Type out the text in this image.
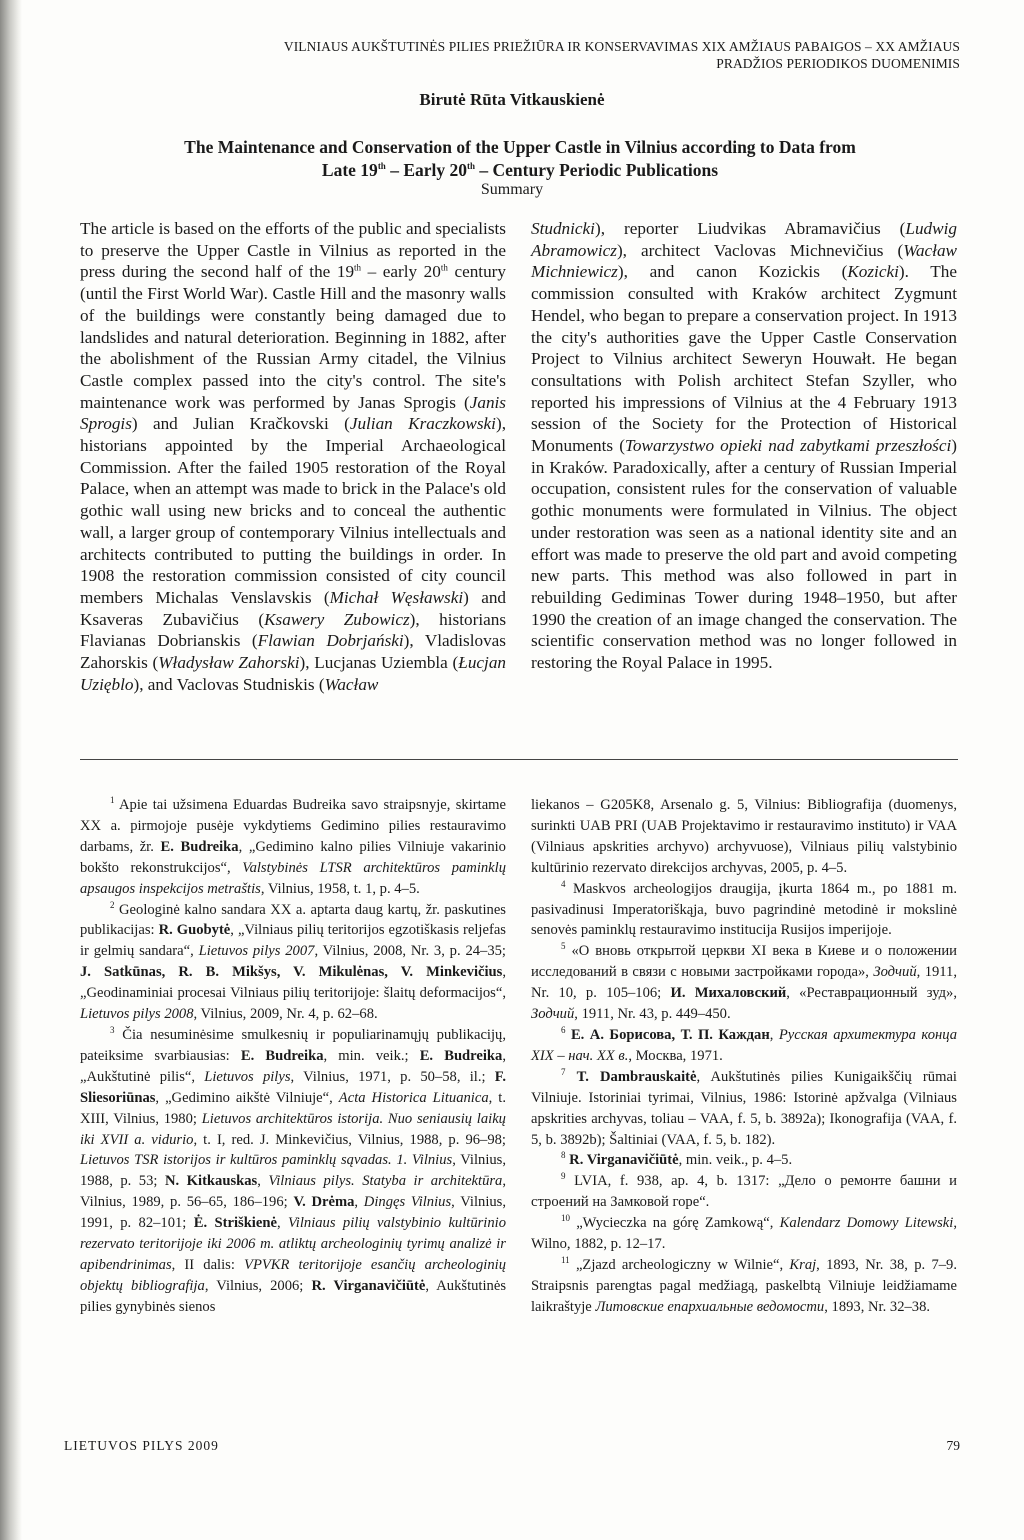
VILNIAUS AUKŠTUTINĖS PILIES PRIEŽIŪRA IR KONSERVAVIMAS XIX AMŽIAUS PABAIGOS – XX AMŽIAUS
PRADŽIOS PERIODIKOS DUOMENIMIS
Birutė Rūta Vitkauskienė
The Maintenance and Conservation of the Upper Castle in Vilnius according to Data from
Late 19th – Early 20th – Century Periodic Publications
Summary

The article is based on the efforts of the public and specialists to preserve the Upper Castle in Vilnius as reported in the press during the second half of the 19th – early 20th century (until the First World War). Castle Hill and the masonry walls of the buildings were constantly being damaged due to landslides and natural deterioration. Beginning in 1882, after the abolishment of the Russian Army citadel, the Vilnius Castle complex passed into the city's control. The site's maintenance work was performed by Janas Sprogis (Janis Sprogis) and Julian Kračkovski (Julian Kraczkowski), historians appointed by the Imperial Archaeological Commission. After the failed 1905 restoration of the Royal Palace, when an attempt was made to brick in the Palace's old gothic wall using new bricks and to conceal the authentic wall, a larger group of contemporary Vilnius intellectuals and architects contributed to putting the buildings in order. In 1908 the restoration commission consisted of city council members Michalas Venslavskis (Michał Węsławski) and Ksaveras Zubavičius (Ksawery Zubowicz), historians Flavianas Dobrianskis (Flawian Dobrjański), Vladislovas Zahorskis (Władysław Zahorski), Lucjanas Uziembla (Łucjan Uzięblo), and Vaclovas Studniskis (Wacław

Studnicki), reporter Liudvikas Abramavičius (Ludwig Abramowicz), architect Vaclovas Michnevičius (Wacław Michniewicz), and canon Kozickis (Kozicki). The commission consulted with Kraków architect Zygmunt Hendel, who began to prepare a conservation project. In 1913 the city's authorities gave the Upper Castle Conservation Project to Vilnius architect Seweryn Houwałt. He began consultations with Polish architect Stefan Szyller, who reported his impressions of Vilnius at the 4 February 1913 session of the Society for the Protection of Historical Monuments (Towarzystwo opieki nad zabytkami przeszłości) in Kraków. Paradoxically, after a century of Russian Imperial occupation, consistent rules for the conservation of valuable gothic monuments were formulated in Vilnius. The object under restoration was seen as a national identity site and an effort was made to preserve the old part and avoid competing new parts. This method was also followed in part in rebuilding Gediminas Tower during 1948–1950, but after 1990 the creation of an image changed the conservation. The scientific conservation method was no longer followed in restoring the Royal Palace in 1995.

$^1$ Apie tai užsimena Eduardas Budreika savo straipsnyje, skirtame XX a. pirmojoje pusėje vykdytiems Gedimino pilies restauravimo darbams, žr. E. Budreika, „Gedimino kalno pilies Vilniuje vakarinio bokšto rekonstrukcijos“, Valstybinės LTSR architektūros paminklų apsaugos inspekcijos metraštis, Vilnius, 1958, t. 1, p. 4–5.

$^2$ Geologinė kalno sandara XX a. aptarta daug kartų, žr. paskutines publikacijas: R. Guobytė, „Vilniaus pilių teritorijos egzotiškasis reljefas ir gelmių sandara“, Lietuvos pilys 2007, Vilnius, 2008, Nr. 3, p. 24–35; J. Satkūnas, R. B. Mikšys, V. Mikulėnas, V. Minkevičius, „Geodinaminiai procesai Vilniaus pilių teritorijoje: šlaitų deformacijos“, Lietuvos pilys 2008, Vilnius, 2009, Nr. 4, p. 62–68.

$^3$ Čia nesuminėsime smulkesnių ir populiarinamųjų publikacijų, pateiksime svarbiausias: E. Budreika, min. veik.; E. Budreika, „Aukštutinė pilis“, Lietuvos pilys, Vilnius, 1971, p. 50–58, il.; F. Sliesoriūnas, „Gedimino aikštė Vilniuje“, Acta Historica Lituanica, t. XIII, Vilnius, 1980; Lietuvos architektūros istorija. Nuo seniausių laikų iki XVII a. vidurio, t. I, red. J. Minkevičius, Vilnius, 1988, p. 96–98; Lietuvos TSR istorijos ir kultūros paminklų sąvadas. 1. Vilnius, Vilnius, 1988, p. 53; N. Kitkauskas, Vilniaus pilys. Statyba ir architektūra, Vilnius, 1989, p. 56–65, 186–196; V. Drėma, Dingęs Vilnius, Vilnius, 1991, p. 82–101; Ė. Striškienė, Vilniaus pilių valstybinio kultūrinio rezervato teritorijoje iki 2006 m. atliktų archeologinių tyrimų analizė ir apibendrinimas, II dalis: VPVKR teritorijoje esančių archeologinių objektų bibliografija, Vilnius, 2006; R. Virganavičiūtė, Aukštutinės pilies gynybinės sienos

liekanos – G205K8, Arsenalo g. 5, Vilnius: Bibliografija (duomenys, surinkti UAB PRI (UAB Projektavimo ir restauravimo instituto) ir VAA (Vilniaus apskrities archyvo) archyvuose), Vilniaus pilių valstybinio kultūrinio rezervato direkcijos archyvas, 2005, p. 4–5.

$^4$ Maskvos archeologijos draugija, įkurta 1864 m., po 1881 m. pasivadinusi Imperatoriškąja, buvo pagrindinė metodinė ir mokslinė senovės paminklų restauravimo institucija Rusijos imperijoje.

$^5$ «О вновь открытой церкви XI века в Киеве и о положении исследований в связи с новыми застройками города», Зодчий, 1911, Nr. 10, p. 105–106; И. Михаловский, «Реставрационный зуд», Зодчий, 1911, Nr. 43, p. 449–450.

$^6$ Е. А. Борисова, Т. П. Каждан, Русская архитектура конца XIX – нач. XX в., Москва, 1971.

$^7$ T. Dambrauskaitė, Aukštutinės pilies Kunigaikščių rūmai Vilniuje. Istoriniai tyrimai, Vilnius, 1986: Istorinė apžvalga (Vilniaus apskrities archyvas, toliau – VAA, f. 5, b. 3892a); Ikonografija (VAA, f. 5, b. 3892b); Šaltiniai (VAA, f. 5, b. 182).

$^8$ R. Virganavičiūtė, min. veik., p. 4–5.

$^9$ LVIA, f. 938, ap. 4, b. 1317: „Дело о ремонте башни и строений на Замковой горе“.

$^{10}$ „Wycieczka na górę Zamkową“, Kalendarz Domowy Litewski, Wilno, 1882, p. 12–17.

$^{11}$ „Zjazd archeologiczny w Wilnie“, Kraj, 1893, Nr. 38, p. 7–9. Straipsnis parengtas pagal medžiagą, paskelbtą Vilniuje leidžiamame laikraštyje Литовские епархиальные ведомости, 1893, Nr. 32–38.

LIETUVOS PILYS 2009	79
